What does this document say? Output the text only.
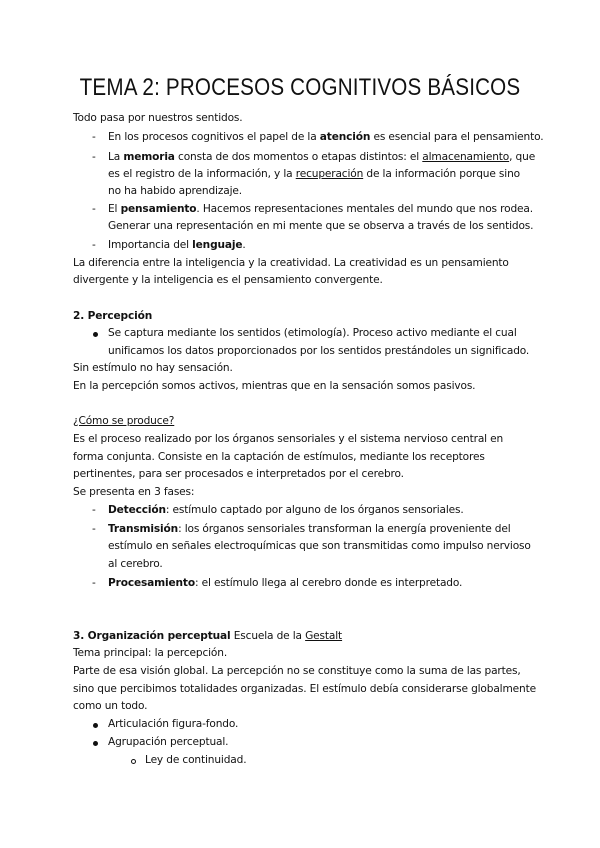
TEMA 2: PROCESOS COGNITIVOS BÁSICOS
Todo pasa por nuestros sentidos.
- En los procesos cognitivos el papel de la atención es esencial para el pensamiento.
- La memoria consta de dos momentos o etapas distintos: el almacenamiento, que
es el registro de la información, y la recuperación de la información porque sino
no ha habido aprendizaje.
- El pensamiento. Hacemos representaciones mentales del mundo que nos rodea.
Generar una representación en mi mente que se observa a través de los sentidos.
- Importancia del lenguaje.
La diferencia entre la inteligencia y la creatividad. La creatividad es un pensamiento
divergente y la inteligencia es el pensamiento convergente.
2. Percepción
Se captura mediante los sentidos (etimología). Proceso activo mediante el cual
unificamos los datos proporcionados por los sentidos prestándoles un significado.
Sin estímulo no hay sensación.
En la percepción somos activos, mientras que en la sensación somos pasivos.
¿Cómo se produce?
Es el proceso realizado por los órganos sensoriales y el sistema nervioso central en
forma conjunta. Consiste en la captación de estímulos, mediante los receptores
pertinentes, para ser procesados e interpretados por el cerebro.
Se presenta en 3 fases:
- Detección: estímulo captado por alguno de los órganos sensoriales.
- Transmisión: los órganos sensoriales transforman la energía proveniente del
estímulo en señales electroquímicas que son transmitidas como impulso nervioso
al cerebro.
- Procesamiento: el estímulo llega al cerebro donde es interpretado.
3. Organización perceptual Escuela de la Gestalt
Tema principal: la percepción.
Parte de esa visión global. La percepción no se constituye como la suma de las partes,
sino que percibimos totalidades organizadas. El estímulo debía considerarse globalmente
como un todo.
Articulación figura-fondo.
Agrupación perceptual.
Ley de continuidad.
